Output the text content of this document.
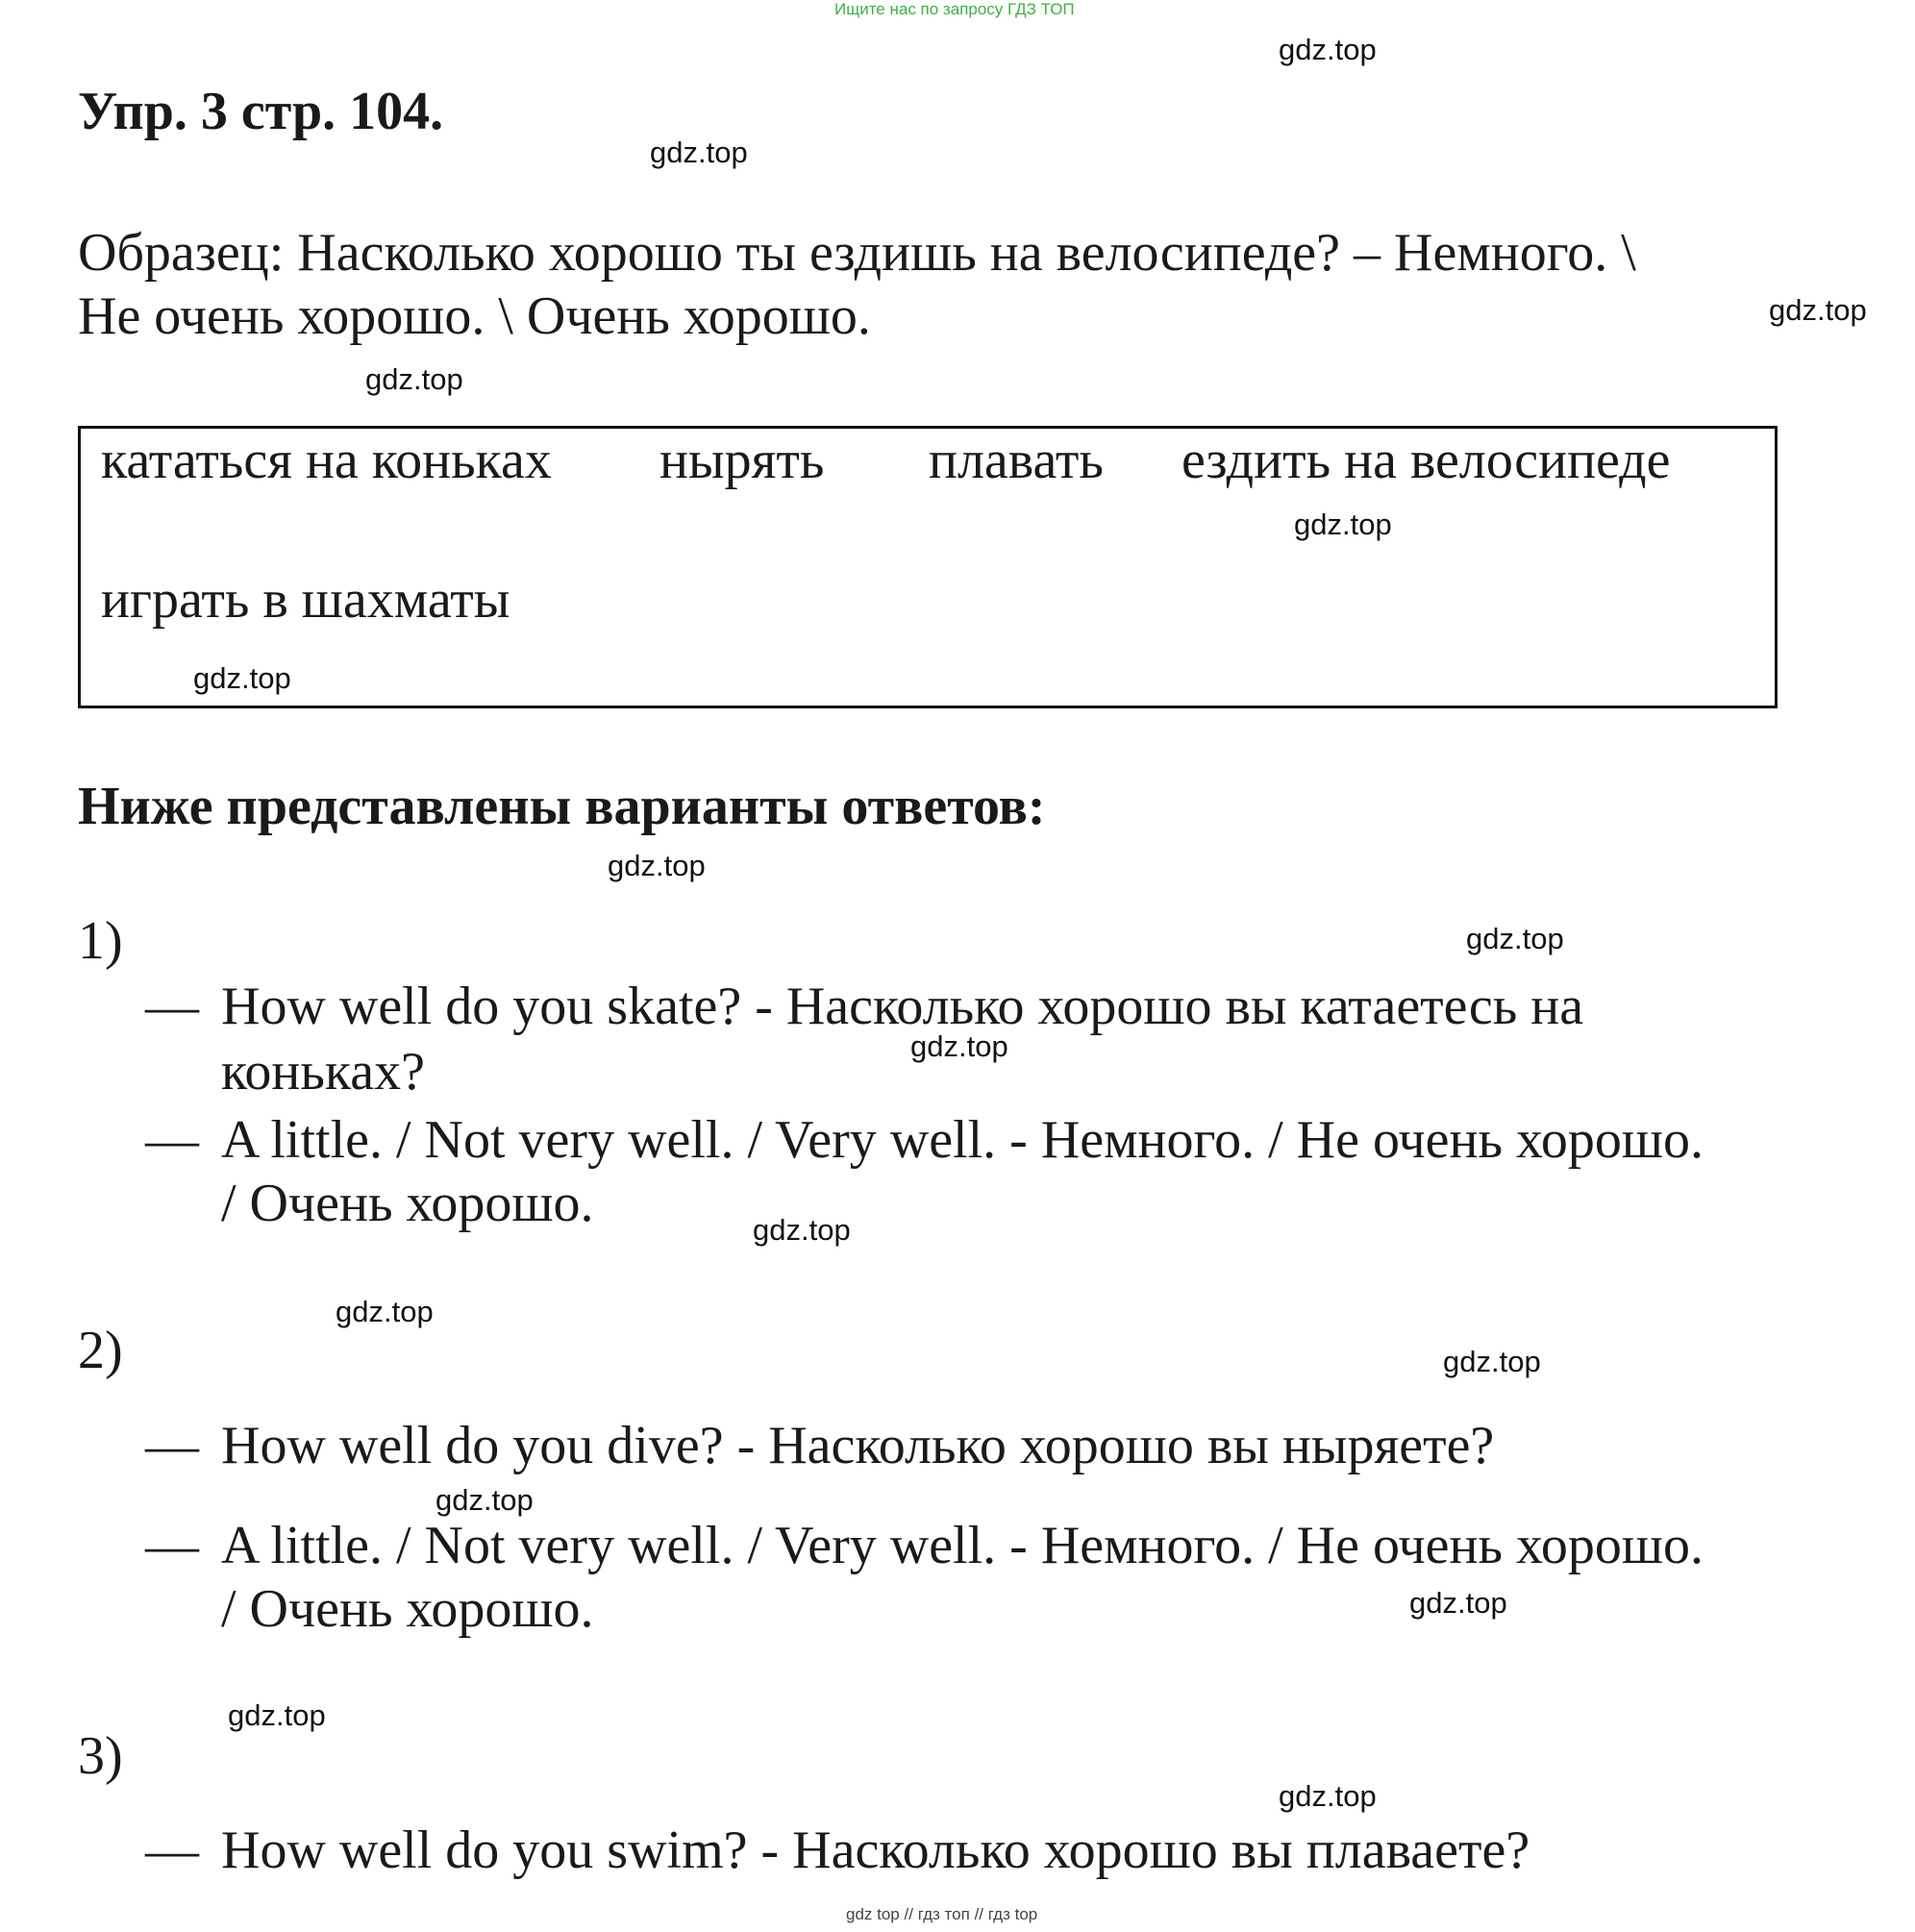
Ищите нас по запросу ГДЗ ТОП
Упр. 3 стр. 104.
Образец: Насколько хорошо ты ездишь на велосипеде? – Немного. \
Не очень хорошо. \ Очень хорошо.
кататься на коньках нырять плавать ездить на велосипеде
играть в шахматы
Ниже представлены варианты ответов:
1)
— How well do you skate? - Насколько хорошо вы катаетесь на
коньках?
— A little. / Not very well. / Very well. - Немного. / Не очень хорошо.
/ Очень хорошо.
2)
— How well do you dive? - Насколько хорошо вы ныряете?
— A little. / Not very well. / Very well. - Немного. / Не очень хорошо.
/ Очень хорошо.
3)
— How well do you swim? - Насколько хорошо вы плаваете?
gdz.top
gdz.top
gdz.top
gdz.top
gdz.top
gdz.top
gdz.top
gdz.top
gdz.top
gdz.top
gdz.top
gdz.top
gdz.top
gdz.top
gdz.top
gdz.top
gdz top // гдз топ // гдз top
